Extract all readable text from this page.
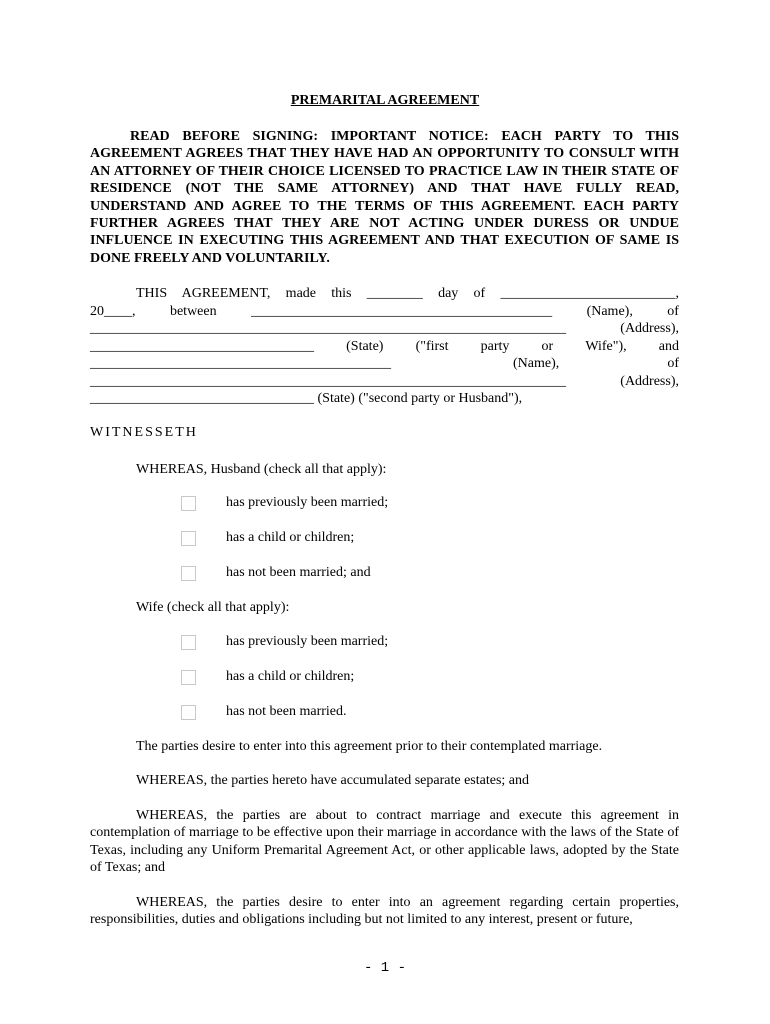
PREMARITAL AGREEMENT
READ BEFORE SIGNING: IMPORTANT NOTICE: EACH PARTY TO THIS AGREEMENT AGREES THAT THEY HAVE HAD AN OPPORTUNITY TO CONSULT WITH AN ATTORNEY OF THEIR CHOICE LICENSED TO PRACTICE LAW IN THEIR STATE OF RESIDENCE (NOT THE SAME ATTORNEY) AND THAT HAVE FULLY READ, UNDERSTAND AND AGREE TO THE TERMS OF THIS AGREEMENT. EACH PARTY FURTHER AGREES THAT THEY ARE NOT ACTING UNDER DURESS OR UNDUE INFLUENCE IN EXECUTING THIS AGREEMENT AND THAT EXECUTION OF SAME IS DONE FREELY AND VOLUNTARILY.
THIS AGREEMENT, made this ________ day of _________________________,
20____, between ___________________________________________ (Name), of
____________________________________________________________________	(Address),
________________________________ (State) ("first party or Wife"), and
___________________________________________	(Name),	of
____________________________________________________________________	(Address),
________________________________ (State) ("second party or Husband"),
WITNESSETH
WHEREAS, Husband (check all that apply):
has previously been married;
has a child or children;
has not been married; and
Wife (check all that apply):
has previously been married;
has a child or children;
has not been married.
The parties desire to enter into this agreement prior to their contemplated marriage.
WHEREAS, the parties hereto have accumulated separate estates; and
WHEREAS, the parties are about to contract marriage and execute this agreement in contemplation of marriage to be effective upon their marriage in accordance with the laws of the State of Texas, including any Uniform Premarital Agreement Act, or other applicable laws, adopted by the State of Texas; and
WHEREAS, the parties desire to enter into an agreement regarding certain properties, responsibilities, duties and obligations including but not limited to any interest, present or future,
- 1 -
